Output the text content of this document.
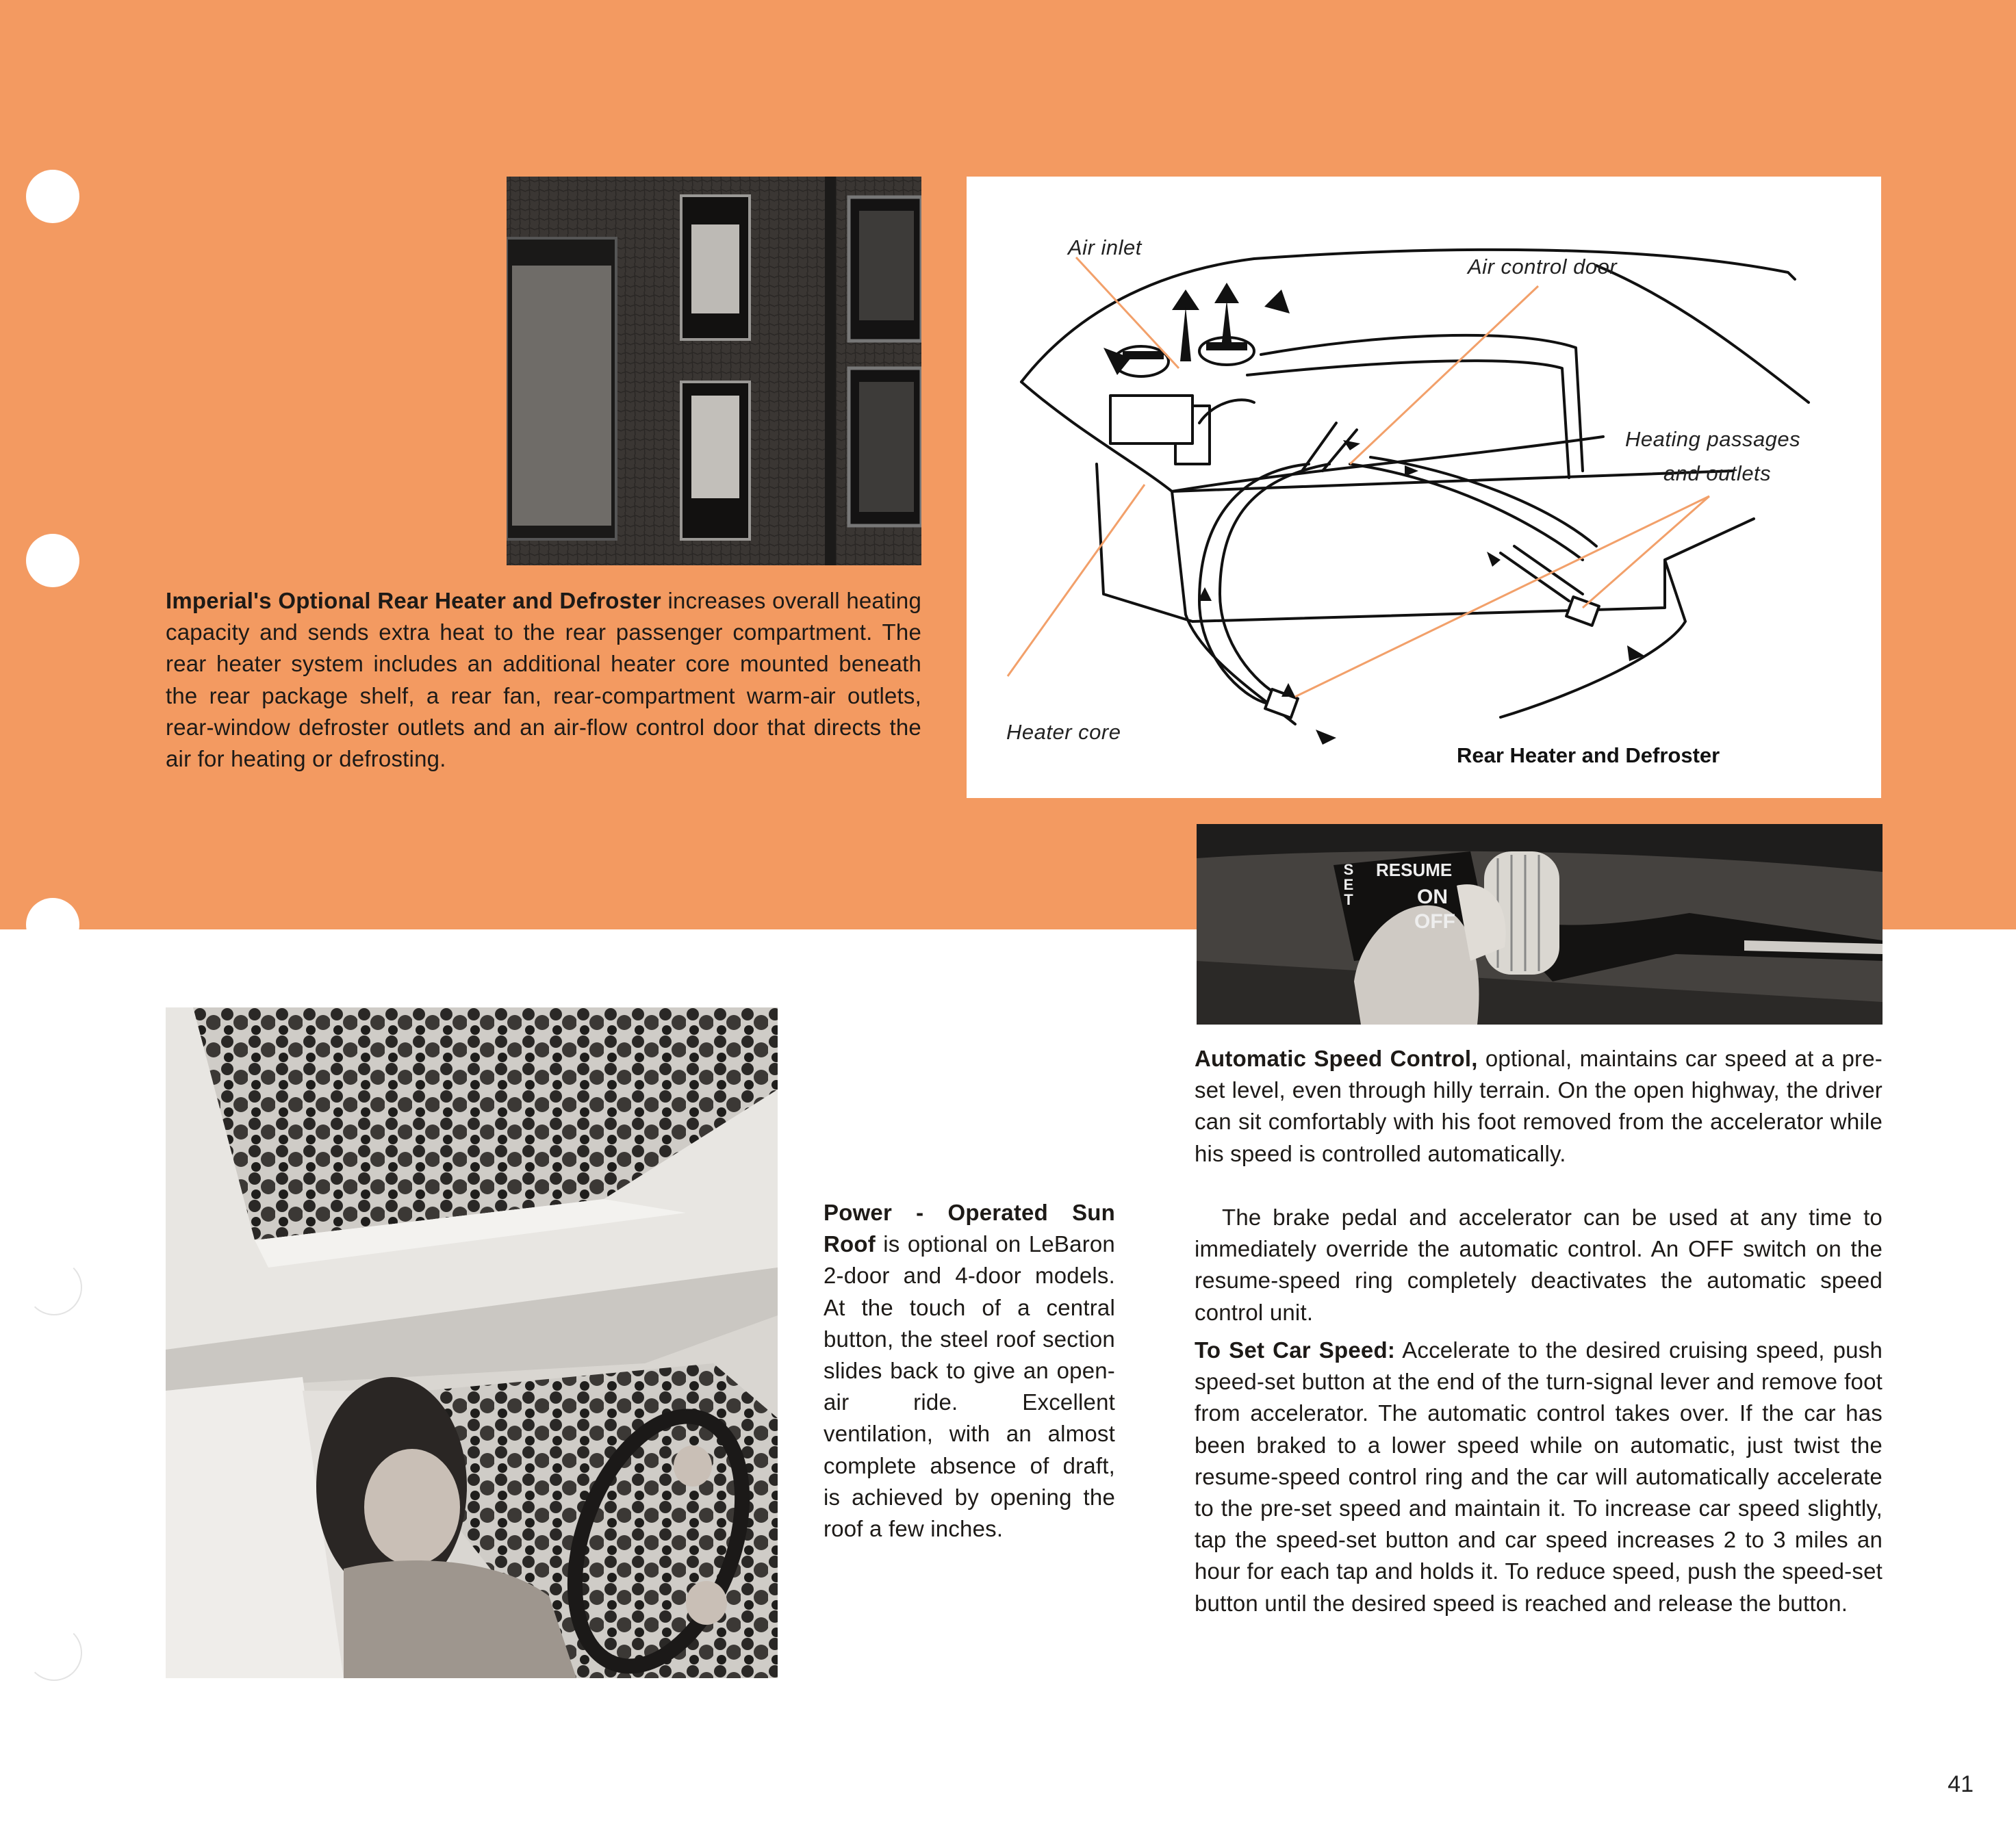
Imperial's Optional Rear Heater and Defroster increases overall heating capacity and sends extra heat to the rear passenger compartment. The rear heater system includes an additional heater core mounted beneath the rear package shelf, a rear fan, rear-compartment warm-air outlets, rear-window defroster outlets and an air-flow control door that directs the air for heating or defrosting.
Air inlet
Air control door
Heating passages
and outlets
Heater core
Rear Heater and Defroster
SET
RESUME
ON
OFF
Automatic Speed Control, optional, maintains car speed at a pre-set level, even through hilly terrain. On the open highway, the driver can sit comfortably with his foot removed from the accelerator while his speed is controlled automatically.
The brake pedal and accelerator can be used at any time to immediately override the automatic control. An OFF switch on the resume-speed ring completely deactivates the automatic speed control unit.
To Set Car Speed: Accelerate to the desired cruising speed, push speed-set button at the end of the turn-signal lever and remove foot from accelerator. The automatic control takes over. If the car has been braked to a lower speed while on automatic, just twist the resume-speed control ring and the car will automatically accelerate to the pre-set speed and maintain it. To increase car speed slightly, tap the speed-set button and car speed increases 2 to 3 miles an hour for each tap and holds it. To reduce speed, push the speed-set button until the desired speed is reached and release the button.
Power - Operated Sun Roof is optional on LeBaron 2-door and 4-door models. At the touch of a central button, the steel roof section slides back to give an open-air ride. Excellent ventilation, with an almost complete absence of draft, is achieved by opening the roof a few inches.
41
